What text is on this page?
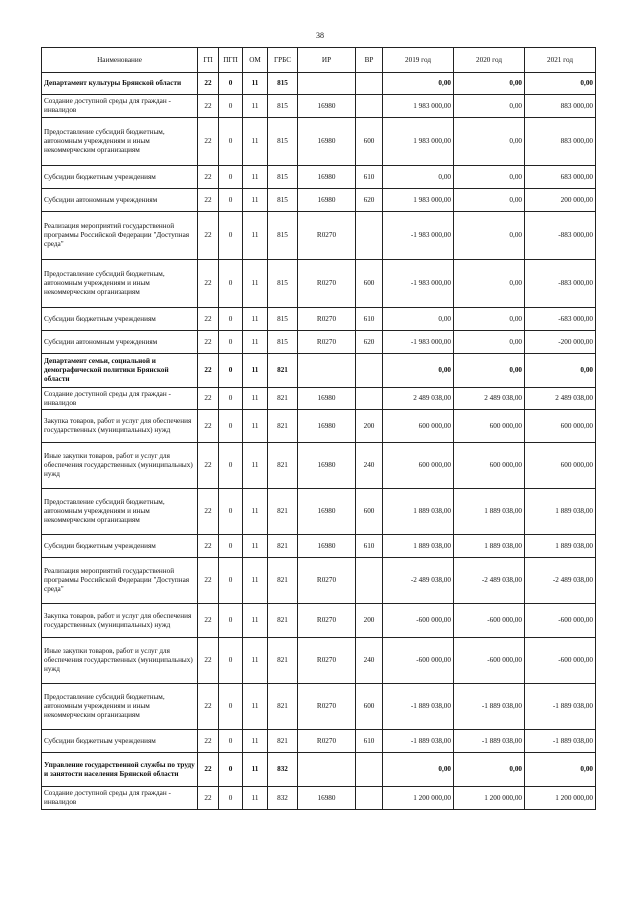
38
Наименование	ГП	ПГП	ОМ	ГРБС	ИР	ВР	2019 год	2020 год	2021 год
Департамент культуры Брянской области	22	0	11	815			0,00	0,00	0,00
Создание доступной среды для граждан - инвалидов	22	0	11	815	16980		1 983 000,00	0,00	883 000,00
Предоставление субсидий бюджетным, автономным учреждениям и иным некоммерческим организациям	22	0	11	815	16980	600	1 983 000,00	0,00	883 000,00
Субсидии бюджетным учреждениям	22	0	11	815	16980	610	0,00	0,00	683 000,00
Субсидии автономным учреждениям	22	0	11	815	16980	620	1 983 000,00	0,00	200 000,00
Реализация мероприятий государственной программы Российской Федерации "Доступная среда"	22	0	11	815	R0270		-1 983 000,00	0,00	-883 000,00
Предоставление субсидий бюджетным, автономным учреждениям и иным некоммерческим организациям	22	0	11	815	R0270	600	-1 983 000,00	0,00	-883 000,00
Субсидии бюджетным учреждениям	22	0	11	815	R0270	610	0,00	0,00	-683 000,00
Субсидии автономным учреждениям	22	0	11	815	R0270	620	-1 983 000,00	0,00	-200 000,00
Департамент семьи, социальной и демографической политики Брянской области	22	0	11	821			0,00	0,00	0,00
Создание доступной среды для граждан - инвалидов	22	0	11	821	16980		2 489 038,00	2 489 038,00	2 489 038,00
Закупка товаров, работ и услуг для обеспечения государственных (муниципальных) нужд	22	0	11	821	16980	200	600 000,00	600 000,00	600 000,00
Иные закупки товаров, работ и услуг для обеспечения государственных (муниципальных) нужд	22	0	11	821	16980	240	600 000,00	600 000,00	600 000,00
Предоставление субсидий бюджетным, автономным учреждениям и иным некоммерческим организациям	22	0	11	821	16980	600	1 889 038,00	1 889 038,00	1 889 038,00
Субсидии бюджетным учреждениям	22	0	11	821	16980	610	1 889 038,00	1 889 038,00	1 889 038,00
Реализация мероприятий государственной программы Российской Федерации "Доступная среда"	22	0	11	821	R0270		-2 489 038,00	-2 489 038,00	-2 489 038,00
Закупка товаров, работ и услуг для обеспечения государственных (муниципальных) нужд	22	0	11	821	R0270	200	-600 000,00	-600 000,00	-600 000,00
Иные закупки товаров, работ и услуг для обеспечения государственных (муниципальных) нужд	22	0	11	821	R0270	240	-600 000,00	-600 000,00	-600 000,00
Предоставление субсидий бюджетным, автономным учреждениям и иным некоммерческим организациям	22	0	11	821	R0270	600	-1 889 038,00	-1 889 038,00	-1 889 038,00
Субсидии бюджетным учреждениям	22	0	11	821	R0270	610	-1 889 038,00	-1 889 038,00	-1 889 038,00
Управление государственной службы по труду и занятости населения Брянской области	22	0	11	832			0,00	0,00	0,00
Создание доступной среды для граждан - инвалидов	22	0	11	832	16980		1 200 000,00	1 200 000,00	1 200 000,00
